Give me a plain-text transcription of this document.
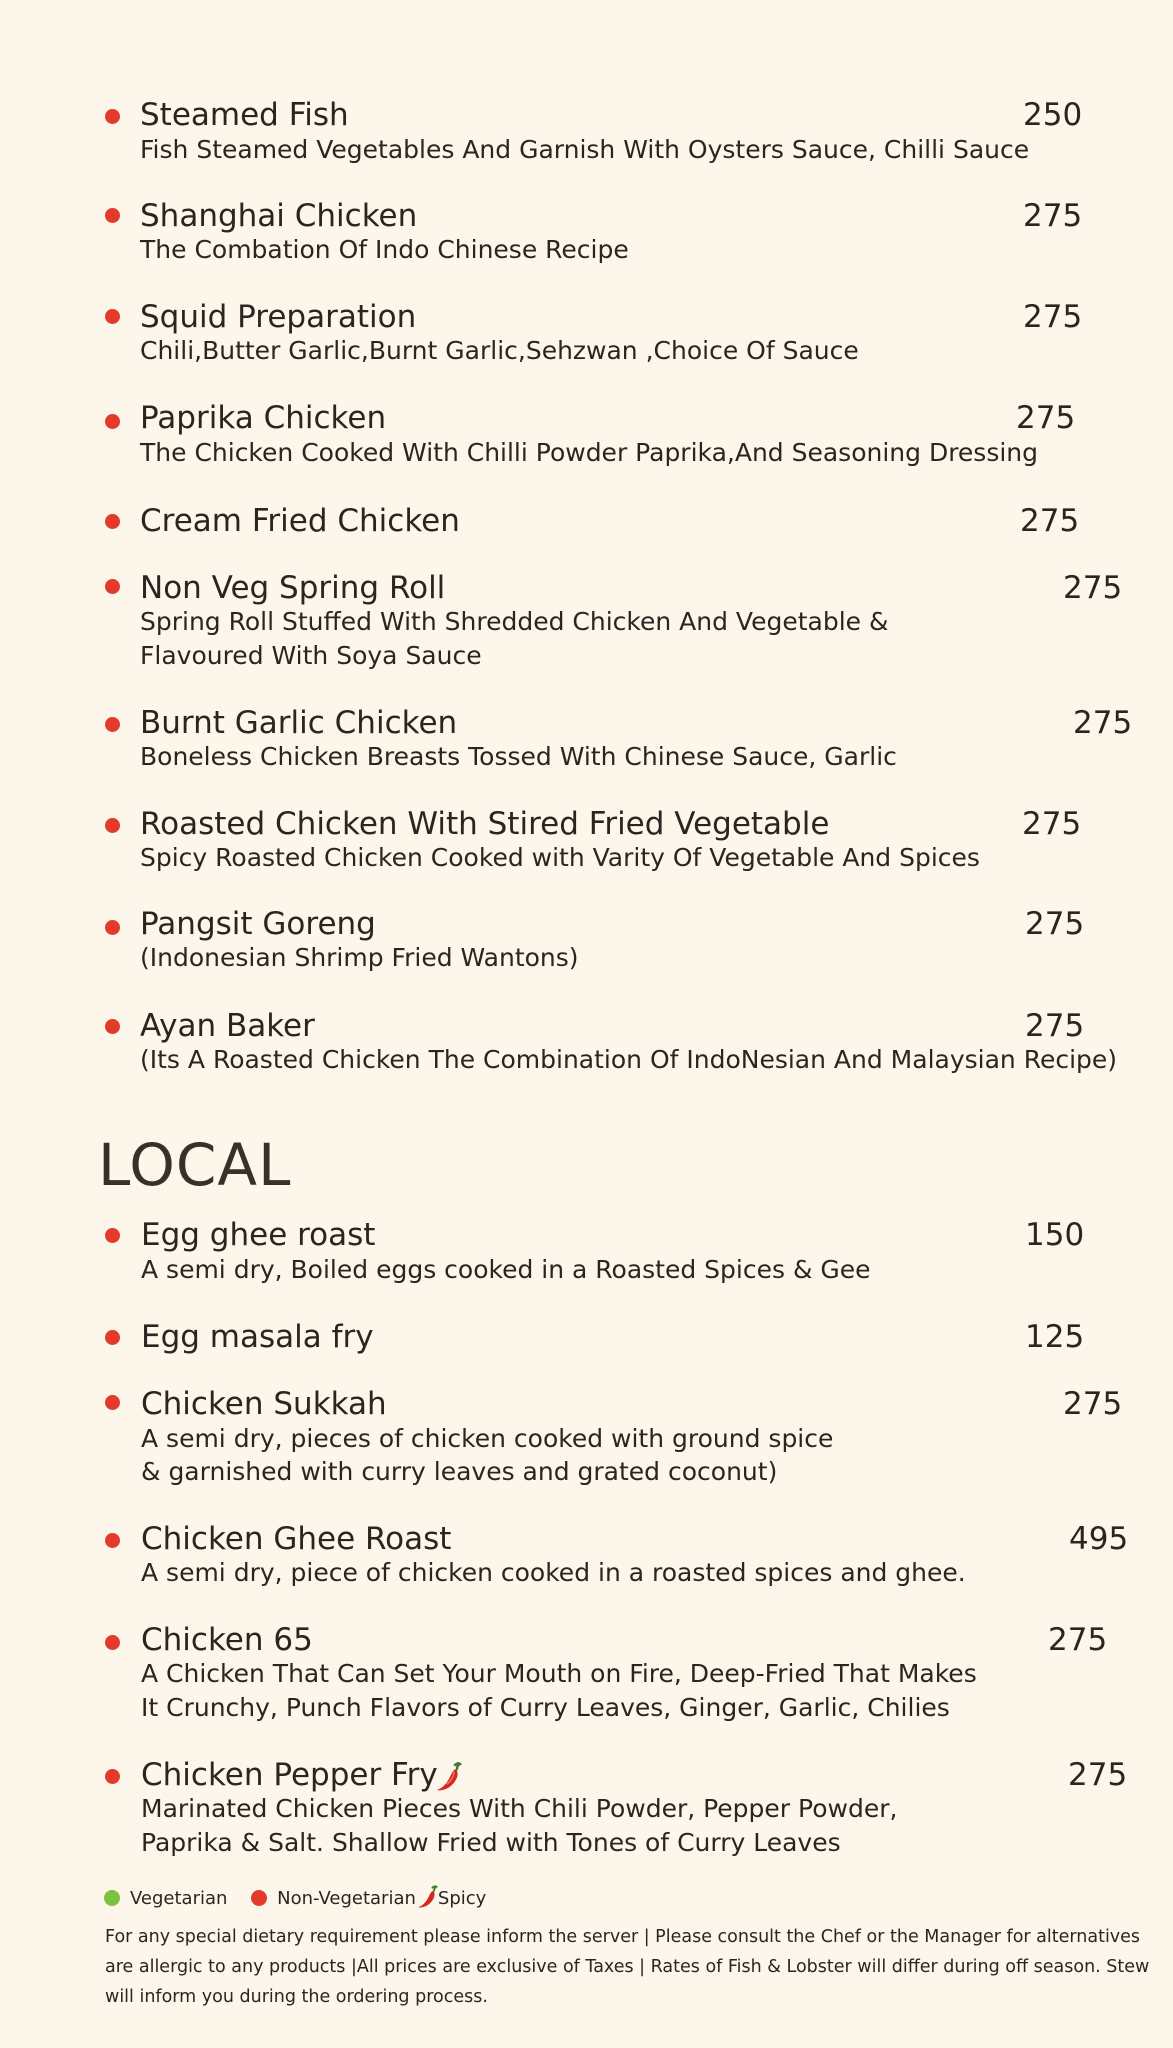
Steamed Fish	250
Fish Steamed Vegetables And Garnish With Oysters Sauce, Chilli Sauce
Shanghai Chicken	275
The Combation Of Indo Chinese Recipe
Squid Preparation	275
Chili,Butter Garlic,Burnt Garlic,Sehzwan ,Choice Of Sauce
Paprika Chicken	275
The Chicken Cooked With Chilli Powder Paprika,And Seasoning Dressing
Cream Fried Chicken	275
Non Veg Spring Roll	275
Spring Roll Stuffed With Shredded Chicken And Vegetable &
Flavoured With Soya Sauce
Burnt Garlic Chicken	275
Boneless Chicken Breasts Tossed With Chinese Sauce, Garlic
Roasted Chicken With Stired Fried Vegetable	275
Spicy Roasted Chicken Cooked with Varity Of Vegetable And Spices
Pangsit Goreng	275
(Indonesian Shrimp Fried Wantons)
Ayan Baker	275
(Its A Roasted Chicken The Combination Of IndoNesian And Malaysian Recipe)
LOCAL
Egg ghee roast	150
A semi dry, Boiled eggs cooked in a Roasted Spices & Gee
Egg masala fry	125
Chicken Sukkah	275
A semi dry, pieces of chicken cooked with ground spice
& garnished with curry leaves and grated coconut)
Chicken Ghee Roast	495
A semi dry, piece of chicken cooked in a roasted spices and ghee.
Chicken 65	275
A Chicken That Can Set Your Mouth on Fire, Deep-Fried That Makes
It Crunchy, Punch Flavors of Curry Leaves, Ginger, Garlic, Chilies
Chicken Pepper Fry	275
Marinated Chicken Pieces With Chili Powder, Pepper Powder,
Paprika & Salt. Shallow Fried with Tones of Curry Leaves
Vegetarian	Non-Vegetarian Spicy
For any special dietary requirement please inform the server | Please consult the Chef or the Manager for alternatives
are allergic to any products |All prices are exclusive of Taxes | Rates of Fish & Lobster will differ during off season. Stew
will inform you during the ordering process.
